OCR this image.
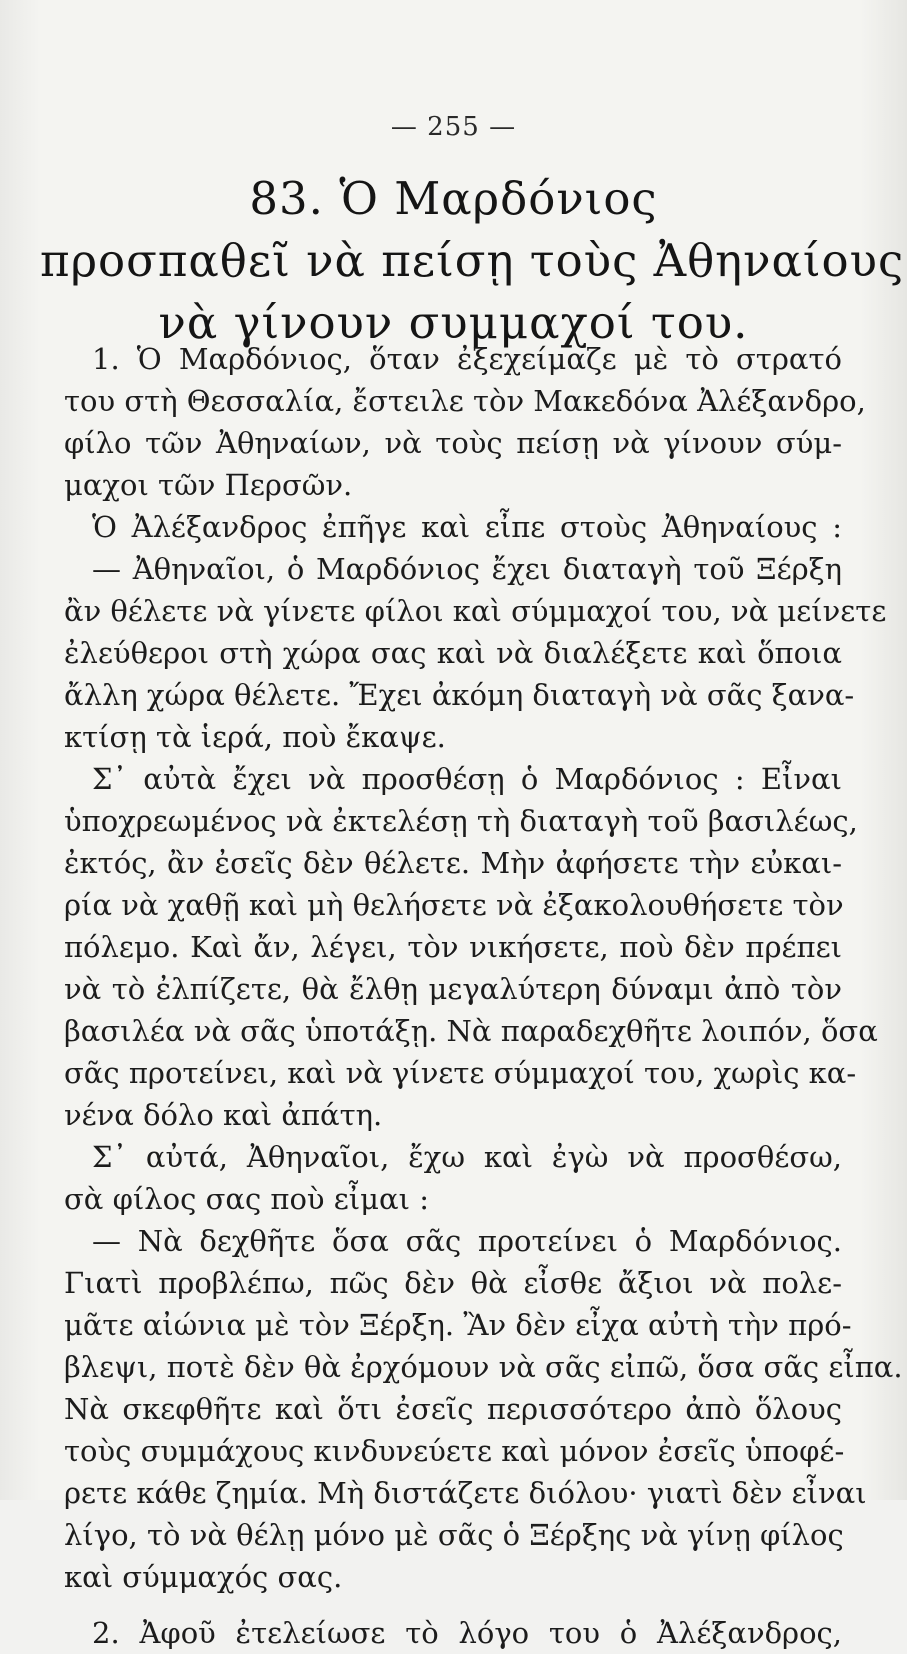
— 255 —
83. Ὁ Μαρδόνιος
προσπαθεῖ νὰ πείσῃ τοὺς Ἀθηναίους
νὰ γίνουν συμμαχοί του.
1. Ὁ Μαρδόνιος, ὅταν ἐξεχείμαζε μὲ τὸ στρατό
του στὴ Θεσσαλία, ἔστειλε τὸν Μακεδόνα Ἀλέξανδρο,
φίλο τῶν Ἀθηναίων, νὰ τοὺς πείσῃ νὰ γίνουν σύμ-
μαχοι τῶν Περσῶν.
Ὁ Ἀλέξανδρος ἐπῆγε καὶ εἶπε στοὺς Ἀθηναίους :
— Ἀθηναῖοι, ὁ Μαρδόνιος ἔχει διαταγὴ τοῦ Ξέρξη
ἂν θέλετε νὰ γίνετε φίλοι καὶ σύμμαχοί του, νὰ μείνετε
ἐλεύθεροι στὴ χώρα σας καὶ νὰ διαλέξετε καὶ ὅποια
ἄλλη χώρα θέλετε. Ἔχει ἀκόμη διαταγὴ νὰ σᾶς ξανα-
κτίσῃ τὰ ἱερά, ποὺ ἔκαψε.
Σ᾽ αὐτὰ ἔχει νὰ προσθέσῃ ὁ Μαρδόνιος : Εἶναι
ὑποχρεωμένος νὰ ἐκτελέσῃ τὴ διαταγὴ τοῦ βασιλέως,
ἐκτός, ἂν ἐσεῖς δὲν θέλετε. Μὴν ἀφήσετε τὴν εὐκαι-
ρία νὰ χαθῇ καὶ μὴ θελήσετε νὰ ἐξακολουθήσετε τὸν
πόλεμο. Καὶ ἄν, λέγει, τὸν νικήσετε, ποὺ δὲν πρέπει
νὰ τὸ ἐλπίζετε, θὰ ἔλθῃ μεγαλύτερη δύναμι ἀπὸ τὸν
βασιλέα νὰ σᾶς ὑποτάξῃ. Νὰ παραδεχθῆτε λοιπόν, ὅσα
σᾶς προτείνει, καὶ νὰ γίνετε σύμμαχοί του, χωρὶς κα-
νένα δόλο καὶ ἀπάτη.
Σ᾽ αὐτά, Ἀθηναῖοι, ἔχω καὶ ἐγὼ νὰ προσθέσω,
σὰ φίλος σας ποὺ εἶμαι :
— Νὰ δεχθῆτε ὅσα σᾶς προτείνει ὁ Μαρδόνιος.
Γιατὶ προβλέπω, πῶς δὲν θὰ εἶσθε ἄξιοι νὰ πολε-
μᾶτε αἰώνια μὲ τὸν Ξέρξη. Ἂν δὲν εἶχα αὐτὴ τὴν πρό-
βλεψι, ποτὲ δὲν θὰ ἐρχόμουν νὰ σᾶς εἰπῶ, ὅσα σᾶς εἶπα.
Νὰ σκεφθῆτε καὶ ὅτι ἐσεῖς περισσότερο ἀπὸ ὅλους
τοὺς συμμάχους κινδυνεύετε καὶ μόνον ἐσεῖς ὑποφέ-
ρετε κάθε ζημία. Μὴ διστάζετε διόλου· γιατὶ δὲν εἶναι
λίγο, τὸ νὰ θέλῃ μόνο μὲ σᾶς ὁ Ξέρξης νὰ γίνῃ φίλος
καὶ σύμμαχός σας.
2. Ἀφοῦ ἐτελείωσε τὸ λόγο του ὁ Ἀλέξανδρος,
